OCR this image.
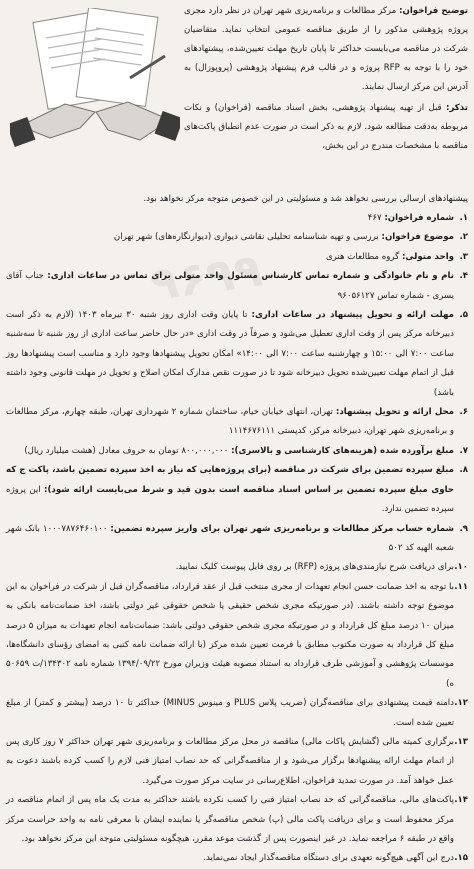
۹۶۹۹

توضیح فراخوان: مرکز مطالعات و برنامه‌ریزی شهر تهران در نظر دارد مجری پروژه پژوهشی مذکور را از طریق مناقصه عمومی انتخاب نماید. متقاضیان شرکت در مناقصه می‌بایست حداکثر تا پایان تاریخ مهلت تعیین‌شده، پیشنهادهای خود را با توجه به RFP پروژه و در قالب فرم پیشنهاد پژوهشی (پروپوزال) به آدرس این مرکز ارسال نمایند.

تذکر: قبل از تهیه پیشنهاد پژوهشی، بخش اسناد مناقصه (فراخوان) و نکات مربوطه به‌دقت مطالعه شود. لازم به ذکر است در صورت عدم انطباق پاکت‌های مناقصه با مشخصات مندرج در این بخش،

پیشنهادهای ارسالی بررسی نخواهد شد و مسئولیتی در این خصوص متوجه مرکز نخواهد بود.

۱.
شماره فراخوان: ۴۶۷
۲.
موضوع فراخوان: بررسی و تهیه شناسنامه تحلیلی نقاشی دیواری (دیوارنگاره‌های) شهر تهران
۳.
واحد متولی: گروه مطالعات هنری
۴.
نام و نام خانوادگی و شماره تماس کارشناس مسئول واحد متولی برای تماس در ساعات اداری: جناب آقای یسری - شماره تماس ۹۶۰۵۶۱۲۷
۵.
مهلت ارائه و تحویل پیشنهاد در ساعات اداری: تا پایان وقت اداری روز شنبه ۳۰ تیرماه ۱۴۰۳ (لازم به ذکر است دبیرخانه مرکز پس از وقت اداری تعطیل می‌شود و صرفاً در وقت اداری «در حال حاضر ساعت اداری از روز شنبه تا سه‌شنبه ساعت ۷:۰۰ الی ۱۵:۰۰ و چهارشنبه ساعت ۷:۰۰ الی ۱۴:۰۰» امکان تحویل پیشنهادها وجود دارد و مناسب است پیشنهادها روز قبل از اتمام مهلت تعیین‌شده تحویل دبیرخانه شود تا در صورت نقص مدارک امکان اصلاح و تحویل در مهلت قانونی وجود داشته باشد)
۶.
محل ارائه و تحویل پیشنهاد: تهران، انتهای خیابان خیام، ساختمان شماره ۲ شهرداری تهران، طبقه چهارم، مرکز مطالعات و برنامه‌ریزی شهر تهران، دبیرخانه مرکز، کدپستی ۱۱۱۴۶۷۶۱۱۱
۷.
مبلغ برآورده شده (هزینه‌های کارشناسی و بالاسری): ۸۰۰,۰۰۰,۰۰۰ تومان به حروف معادل (هشت میلیارد ریال)
۸.
مبلغ سپرده تضمین برای شرکت در مناقصه (برای پروژه‌هایی که نیاز به اخذ سپرده تضمین باشد، پاکت ج که حاوی مبلغ سپرده تضمین بر اساس اسناد مناقصه است بدون قید و شرط می‌بایست ارائه شود): این پروژه سپرده تضمین ندارد.
۹.
شماره حساب مرکز مطالعات و برنامه‌ریزی شهر تهران برای واریز سپرده تضمین: ۱۰۰۰۷۸۷۶۴۶۰۱۰۰ بانک شهر شعبه الهیه کد ۵۰۲
۱۰.
برای دریافت شرح نیازمندی‌های پروژه (RFP) بر روی فایل پیوست کلیک نمایید.
۱۱.
با توجه به اخذ ضمانت حسن انجام تعهدات از مجری منتخب قبل از عقد قرارداد، مناقصه‌گران قبل از شرکت در فراخوان به این موضوع توجه داشته باشند. (در صورتیکه مجری شخص حقیقی یا شخص حقوقی غیر دولتی باشد، اخذ ضمانت‌نامه بانکی به میزان ۱۰ درصد مبلغ کل قرارداد و در صورتیکه مجری شخص حقوقی دولتی باشد: ضمانت‌نامه انجام تعهدات به میزان ۵ درصد مبلغ کل قرارداد به صورت مکتوب مطابق با فرمت تعیین شده مرکز (با ارائه ضمانت نامه کتبی به امضای رؤسای دانشگاه‌ها، موسسات پژوهشی و آموزشی طرف قرارداد به استناد مصوبه هیئت وزیران مورخ ۱۳۹۴/۰۹/۲۲ شماره نامه ۱۳۴۳۰۲/ت ۵۰۶۵۹ ه)
۱۲.
دامنه قیمت پیشنهادی برای مناقصه‌گران (ضریب پلاس PLUS و مینوس MINUS) حداکثر تا ۱۰ درصد (بیشتر و کمتر) از مبلغ تعیین شده است.
۱۳.
برگزاری کمیته مالی (گشایش پاکات مالی) مناقصه در محل مرکز مطالعات و برنامه‌ریزی شهر تهران حداکثر ۷ روز کاری پس از اتمام مهلت ارائه پیشنهادها برگزار می‌شود و از مناقصه‌گرانی که حد نصاب امتیاز فنی لازم را کسب کرده باشند دعوت به عمل خواهد آمد. در صورت تمدید فراخوان، اطلاع‌رسانی در سایت مرکز صورت می‌گیرد.
۱۴.
پاکت‌های مالی، مناقصه‌گرانی که حد نصاب امتیاز فنی را کسب نکرده باشند حداکثر به مدت یک ماه پس از اتمام مناقصه در مرکز محفوظ است و برای دریافت پاکت مالی (پ) شخص مناقصه‌گر یا نماینده ایشان با معرفی نامه به واحد حراست مرکز واقع در طبقه ۶ مراجعه نماید. در غیر اینصورت پس از گذشت موعد مقرر، هیچگونه مسئولیتی متوجه این مرکز نخواهد بود.
۱۵.
درج این آگهی هیچ‌گونه تعهدی برای دستگاه مناقصه‌گذار ایجاد نمی‌نماید.
